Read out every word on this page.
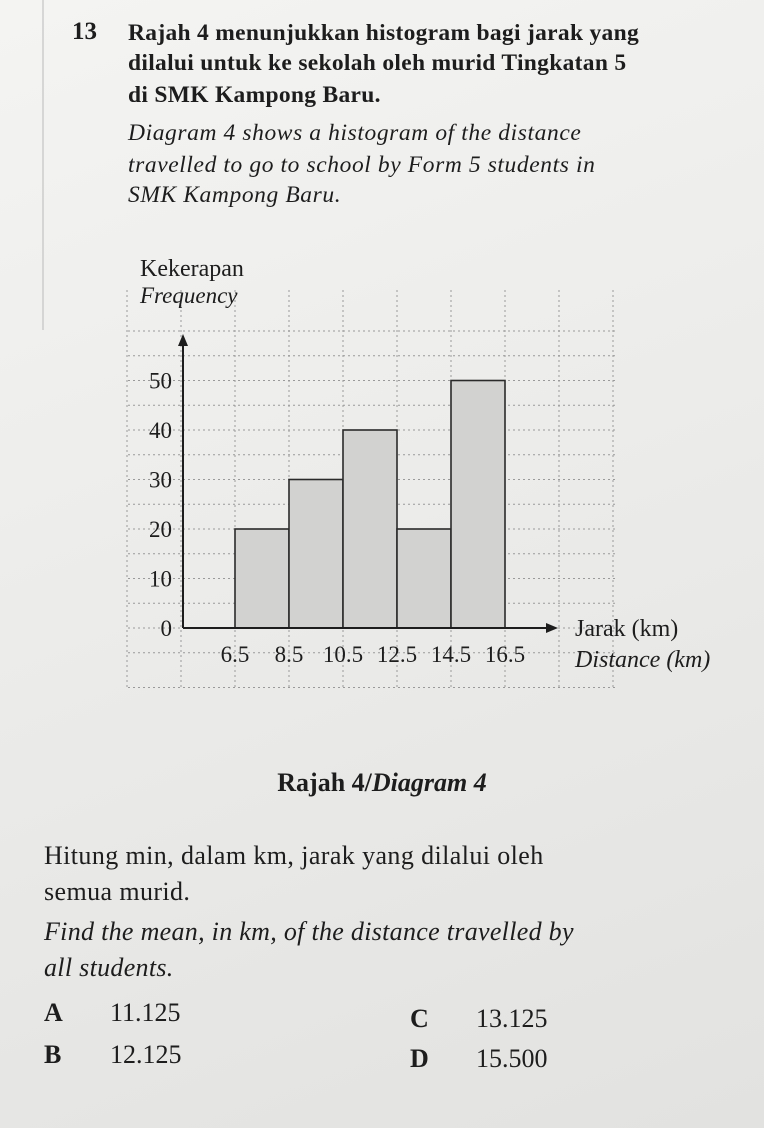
13 Rajah 4 menunjukkan histogram bagi jarak yang
dilalui untuk ke sekolah oleh murid Tingkatan 5
di SMK Kampong Baru.
Diagram 4 shows a histogram of the distance
travelled to go to school by Form 5 students in
SMK Kampong Baru.
0
10
20
30
40
50
6.5 8.5 10.5 12.5 14.5 16.5
Kekerapan
Frequency
Jarak (km)
Distance (km)
Rajah 4/Diagram 4
Hitung min, dalam km, jarak yang dilalui oleh
semua murid.
Find the mean, in km, of the distance travelled by
all students.
A 11.125
B 12.125
C 13.125
D 15.500
